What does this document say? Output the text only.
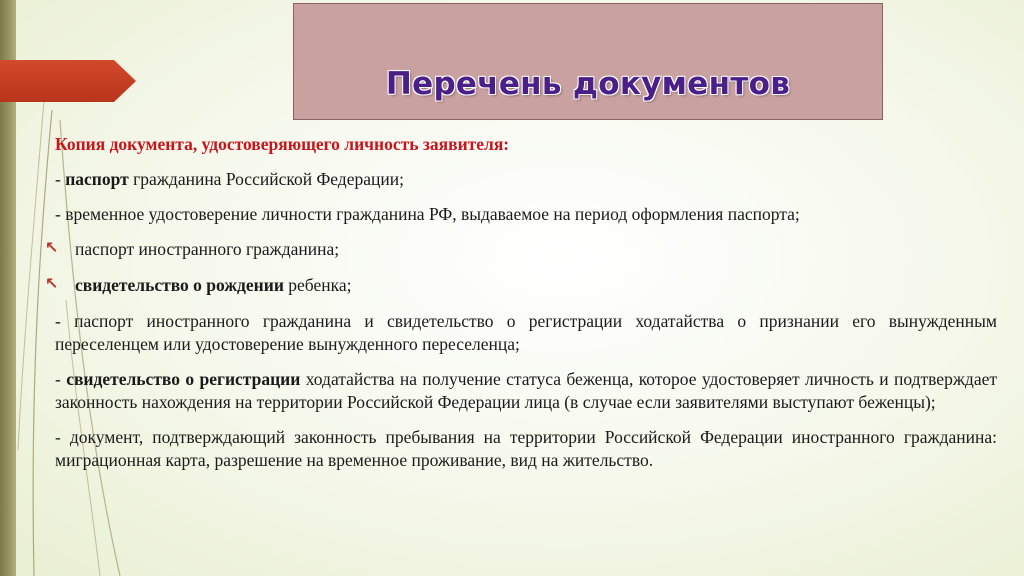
Перечень документов
Копия документа, удостоверяющего личность заявителя:
- паспорт гражданина Российской Федерации;
- временное удостоверение личности гражданина РФ, выдаваемое на период оформления паспорта;
↖ паспорт иностранного гражданина;
↖ свидетельство о рождении ребенка;
- паспорт иностранного гражданина и свидетельство о регистрации ходатайства о признании его вынужденным переселенцем или удостоверение вынужденного переселенца;
- свидетельство о регистрации ходатайства на получение статуса беженца, которое удостоверяет личность и подтверждает законность нахождения на территории Российской Федерации лица (в случае если заявителями выступают беженцы);
- документ, подтверждающий законность пребывания на территории Российской Федерации иностранного гражданина: миграционная карта, разрешение на временное проживание, вид на жительство.
